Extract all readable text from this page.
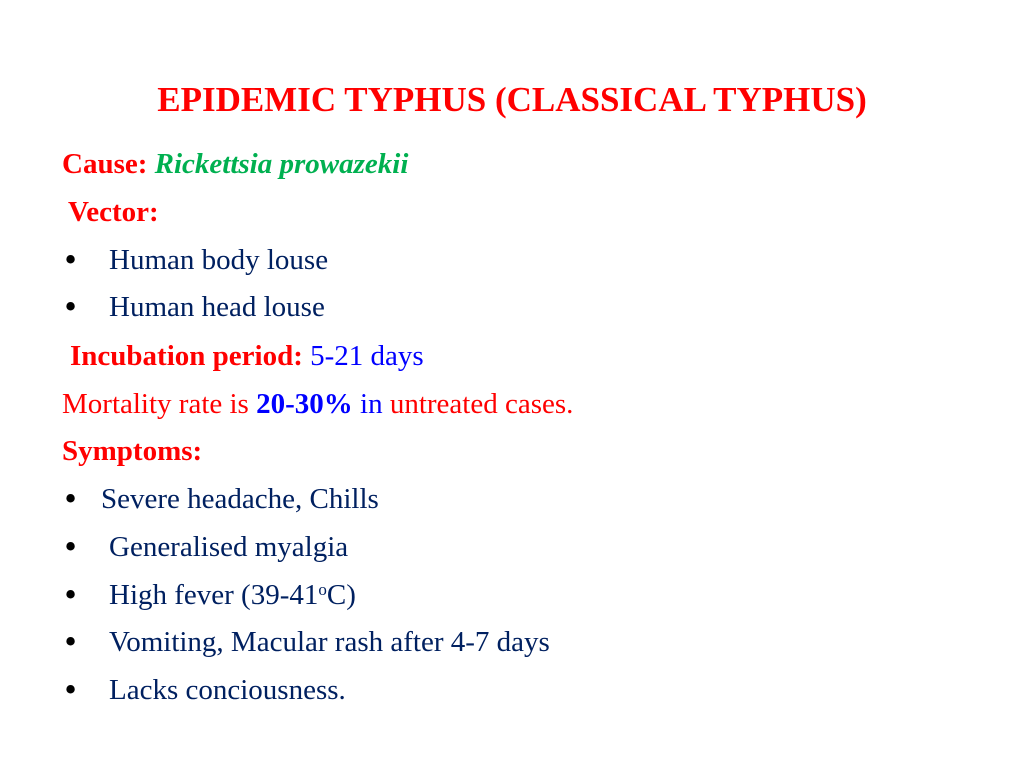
EPIDEMIC TYPHUS (CLASSICAL TYPHUS)
Cause: Rickettsia prowazekii
Vector:
• Human body louse
• Human head louse
Incubation period: 5-21 days
Mortality rate is 20-30% in untreated cases.
Symptoms:
• Severe headache, Chills
• Generalised myalgia
• High fever (39-41$^o$C)
• Vomiting, Macular rash after 4-7 days
• Lacks conciousness.
